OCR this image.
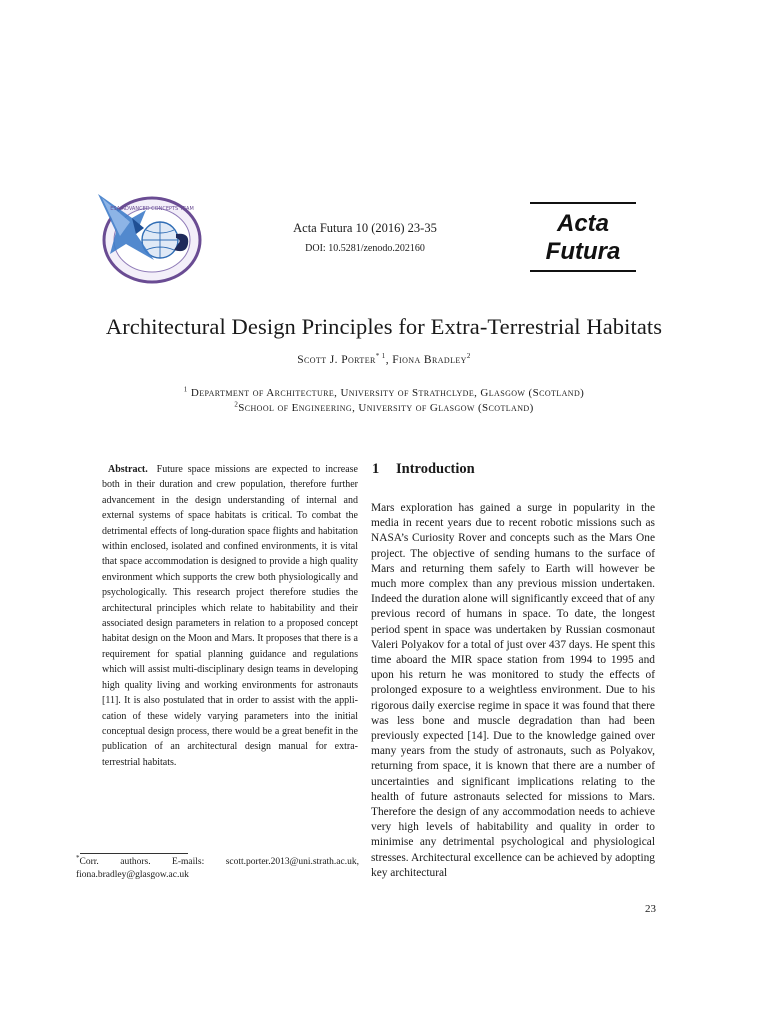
ESA ADVANCED CONCEPTS TEAM
Acta Futura 10 (2016) 23-35
DOI: 10.5281/zenodo.202160
Acta
Futura
Architectural Design Principles for Extra-Terrestrial Habitats
Scott J. Porter$^{* 1}$, Fiona Bradley$^2$
$^1$ Department of Architecture, University of Strathclyde, Glasgow (Scotland)
$^2$School of Engineering, University of Glasgow (Scotland)
Abstract. Future space missions are expected to increase both in their duration and crew population, therefore further advancement in the design understanding of internal and external systems of space habitats is critical. To combat the detrimental effects of long-duration space flights and habitation within enclosed, isolated and confined environments, it is vital that space accommodation is designed to provide a high quality environment which supports the crew both physiologically and psychologically. This research project therefore studies the architectural principles which relate to habitability and their associated design parameters in relation to a proposed concept habitat design on the Moon and Mars. It proposes that there is a requirement for spatial planning guidance and regulations which will assist multi-disciplinary design teams in developing high quality living and working environments for astronauts [11]. It is also postulated that in order to assist with the application of these widely varying parameters into the initial conceptual design process, there would be a great benefit in the publication of an architectural design manual for extra-terrestrial habitats.
1 Introduction
Mars exploration has gained a surge in popularity in the media in recent years due to recent robotic missions such as NASA’s Curiosity Rover and concepts such as the Mars One project. The objective of sending humans to the surface of Mars and returning them safely to Earth will however be much more complex than any previous mission undertaken. Indeed the duration alone will significantly exceed that of any previous record of humans in space. To date, the longest period spent in space was undertaken by Russian cosmonaut Valeri Polyakov for a total of just over 437 days. He spent this time aboard the MIR space station from 1994 to 1995 and upon his return he was monitored to study the effects of prolonged exposure to a weightless environment. Due to his rigorous daily exercise regime in space it was found that there was less bone and muscle degradation than had been previously expected [14]. Due to the knowledge gained over many years from the study of astronauts, such as Polyakov, returning from space, it is known that there are a number of uncertainties and significant implications relating to the health of future astronauts selected for missions to Mars. Therefore the design of any accommodation needs to achieve very high levels of habitability and quality in order to minimise any detrimental psychological and physiological stresses. Architectural excellence can be achieved by adopting key architectural
*Corr. authors. E-mails: scott.porter.2013@uni.strath.ac.uk, fiona.bradley@glasgow.ac.uk
23
